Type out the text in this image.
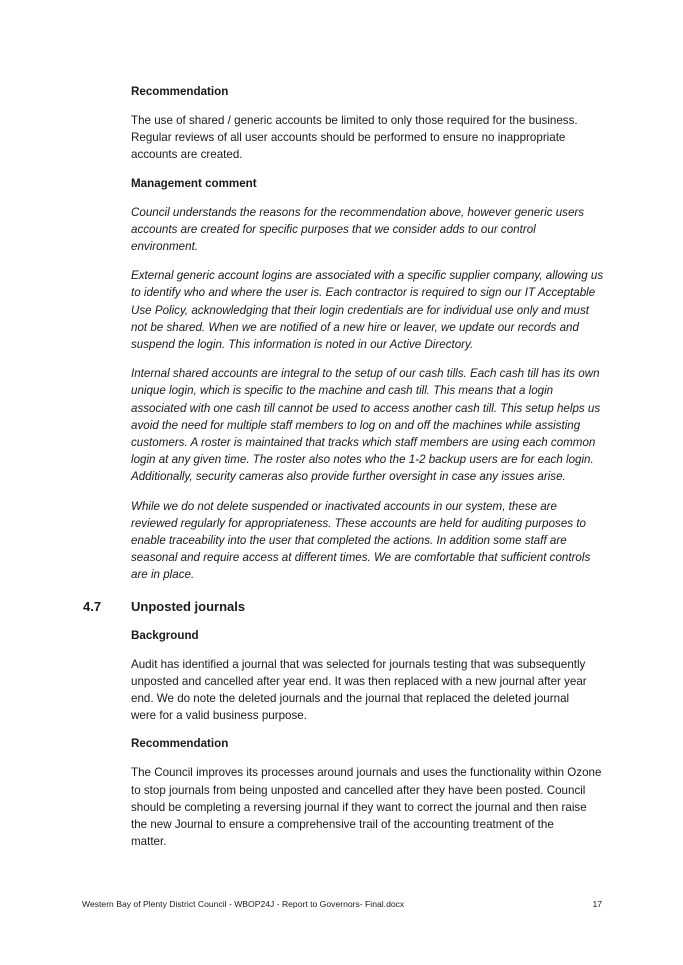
Recommendation

The use of shared / generic accounts be limited to only those required for the business.
Regular reviews of all user accounts should be performed to ensure no inappropriate
accounts are created.

Management comment

Council understands the reasons for the recommendation above, however generic users
accounts are created for specific purposes that we consider adds to our control
environment.

External generic account logins are associated with a specific supplier company, allowing us
to identify who and where the user is. Each contractor is required to sign our IT Acceptable
Use Policy, acknowledging that their login credentials are for individual use only and must
not be shared. When we are notified of a new hire or leaver, we update our records and
suspend the login. This information is noted in our Active Directory.

Internal shared accounts are integral to the setup of our cash tills. Each cash till has its own
unique login, which is specific to the machine and cash till. This means that a login
associated with one cash till cannot be used to access another cash till. This setup helps us
avoid the need for multiple staff members to log on and off the machines while assisting
customers. A roster is maintained that tracks which staff members are using each common
login at any given time. The roster also notes who the 1-2 backup users are for each login.
Additionally, security cameras also provide further oversight in case any issues arise.

While we do not delete suspended or inactivated accounts in our system, these are
reviewed regularly for appropriateness. These accounts are held for auditing purposes to
enable traceability into the user that completed the actions. In addition some staff are
seasonal and require access at different times. We are comfortable that sufficient controls
are in place.

4.7 Unposted journals

Background

Audit has identified a journal that was selected for journals testing that was subsequently
unposted and cancelled after year end. It was then replaced with a new journal after year
end. We do note the deleted journals and the journal that replaced the deleted journal
were for a valid business purpose.

Recommendation

The Council improves its processes around journals and uses the functionality within Ozone
to stop journals from being unposted and cancelled after they have been posted. Council
should be completing a reversing journal if they want to correct the journal and then raise
the new Journal to ensure a comprehensive trail of the accounting treatment of the
matter.

Western Bay of Plenty District Council - WBOP24J - Report to Governors- Final.docx	17
